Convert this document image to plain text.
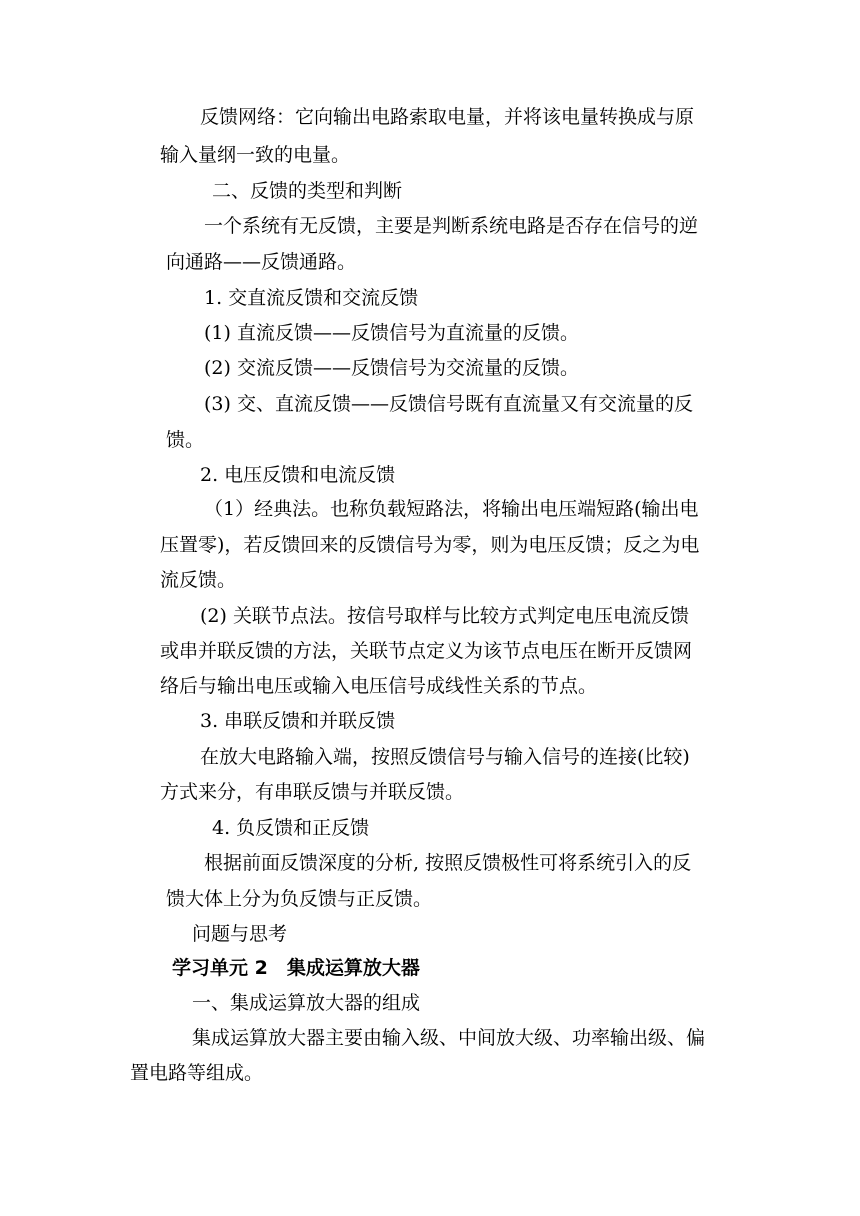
反馈网络：它向输出电路索取电量，并将该电量转换成与原
输入量纲一致的电量。
二、反馈的类型和判断
一个系统有无反馈，主要是判断系统电路是否存在信号的逆
向通路——反馈通路。
1. 交直流反馈和交流反馈
(1) 直流反馈——反馈信号为直流量的反馈。
(2) 交流反馈——反馈信号为交流量的反馈。
(3) 交、直流反馈——反馈信号既有直流量又有交流量的反
馈。
2. 电压反馈和电流反馈
（1）经典法。也称负载短路法，将输出电压端短路(输出电
压置零)，若反馈回来的反馈信号为零，则为电压反馈；反之为电
流反馈。
(2) 关联节点法。按信号取样与比较方式判定电压电流反馈
或串并联反馈的方法，关联节点定义为该节点电压在断开反馈网
络后与输出电压或输入电压信号成线性关系的节点。
3. 串联反馈和并联反馈
在放大电路输入端，按照反馈信号与输入信号的连接(比较)
方式来分，有串联反馈与并联反馈。
4. 负反馈和正反馈
根据前面反馈深度的分析, 按照反馈极性可将系统引入的反
馈大体上分为负反馈与正反馈。
问题与思考
学习单元 2　集成运算放大器
一、集成运算放大器的组成
集成运算放大器主要由输入级、中间放大级、功率输出级、偏
置电路等组成。
